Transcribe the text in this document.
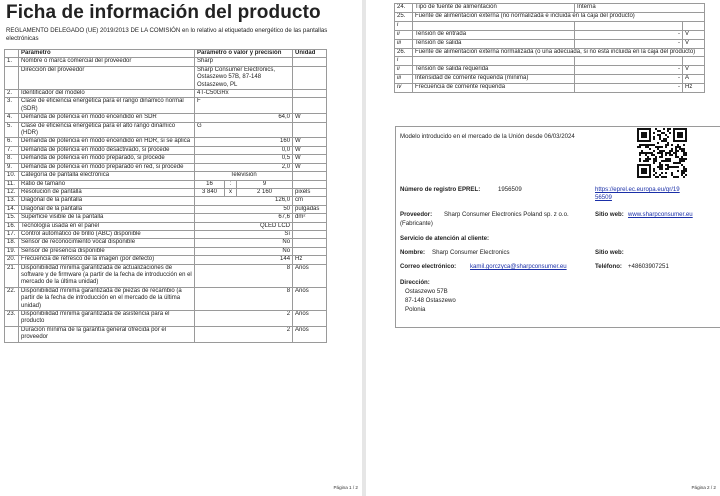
Ficha de información del producto
REGLAMENTO DELEGADO (UE) 2019/2013 DE LA COMISIÓN en lo relativo al etiquetado energético de las pantallas electrónicas
	Parámetro	Parámetro o valor y precisión			Unidad
1.	Nombre o marca comercial del proveedor	Sharp			
	Dirección del proveedor	Sharp Consumer Electronics, Ostaszewo 57B, 87-148 Ostaszewo, PL			
2.	Identificador del modelo	4T-C50GRx			
3.	Clase de eficiencia energética para el rango dinámico normal (SDR)	F			
4.	Demanda de potencia en modo encendido en SDR	64,0			W
5.	Clase de eficiencia energética para el alto rango dinámico (HDR)	G			
6.	Demanda de potencia en modo encendido en HDR, si se aplica	160			W
7.	Demanda de potencia en modo desactivado, si procede	0,0			W
8.	Demanda de potencia en modo preparado, si procede	0,5			W
9.	Demanda de potencia en modo preparado en red, si procede	2,0			W
10.	Categoría de pantalla electrónica	Televisión			
11.	Ratio de tamaño	16	:	9	
12.	Resolución de pantalla	3 840	x	2 160	pixels
13.	Diagonal de la pantalla	126,0			cm
14.	Diagonal de la pantalla	50			pulgadas
15.	Superficie visible de la pantalla	67,6			dm²
16.	Tecnología usada en el panel	QLED LCD			
17.	Control automático de brillo (ABC) disponible	Sí			
18.	Sensor de reconocimiento vocal disponible	No			
19.	Sensor de presencia disponible	No			
20.	Frecuencia de refresco de la imagen (por defecto)	144			Hz
21.	Disponibilidad mínima garantizada de actualizaciones de software y de firmware (a partir de la fecha de introducción en el mercado de la última unidad)	8			Años
22.	Disponibilidad mínima garantizada de piezas de recambio (a partir de la fecha de introducción en el mercado de la última unidad)	8			Años
23.	Disponibilidad mínima garantizada de asistencia para el producto	2			Años
	Duración mínima de la garantía general ofrecida por el proveedor	2			Años
Página 1 / 2
24.	Tipo de fuente de alimentación	Interna	
25.	Fuente de alimentación externa (no normalizada e incluida en la caja del producto)		
i			
ii	Tensión de entrada	-	V
iii	Tensión de salida	-	V
26.	Fuente de alimentación externa normalizada (o una adecuada, si no está incluida en la caja del producto)		
i			
ii	Tensión de salida requerida	-	V
iii	Intensidad de corriente requerida (mínima)	-	A
iv	Frecuencia de corriente requerida	-	Hz
Página 2 / 2
Modelo introducido en el mercado de la Unión desde 06/03/2024
Número de registro EPREL:	1956509	https://eprel.ec.europa.eu/qr/19
56509
Proveedor: Sharp Consumer Electronics Poland sp. z o.o.
(Fabricante)
Sitio web: www.sharpconsumer.eu
Servicio de atención al cliente:
Nombre: Sharp Consumer Electronics	Sitio web:
Correo electrónico: kamil.gorczyca@sharpconsumer.eu	Teléfono: +48603907251
Dirección:
Ostaszewo 57B
87-148 Ostaszewo
Polonia
